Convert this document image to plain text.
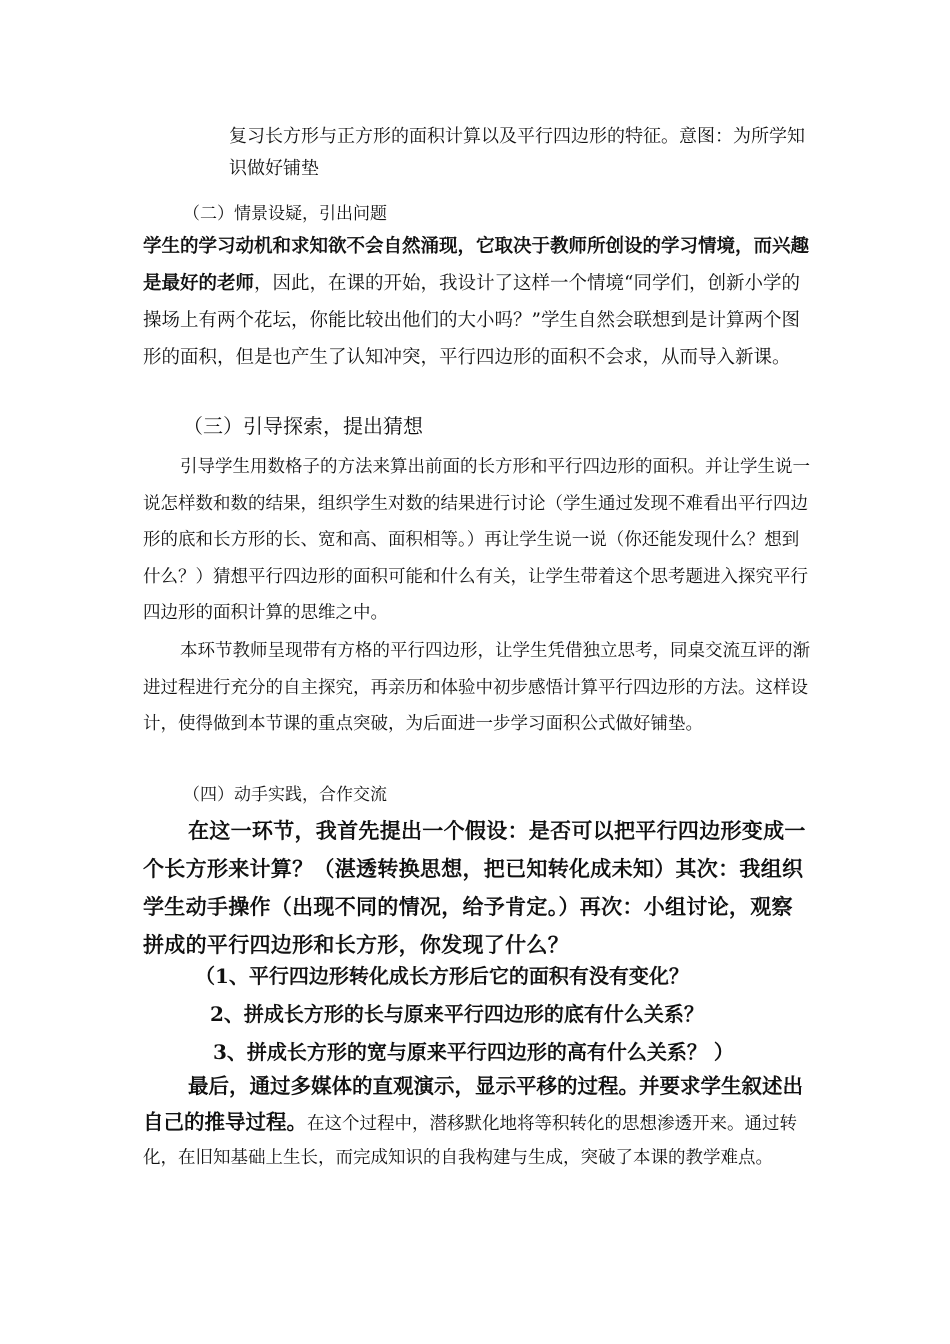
复习长方形与正方形的面积计算以及平行四边形的特征。意图：为所学知识做好铺垫

（二）情景设疑，引出问题

学生的学习动机和求知欲不会自然涌现，它取决于教师所创设的学习情境，而兴趣是最好的老师，因此，在课的开始，我设计了这样一个情境“同学们，创新小学的操场上有两个花坛，你能比较出他们的大小吗？”学生自然会联想到是计算两个图形的面积，但是也产生了认知冲突，平行四边形的面积不会求，从而导入新课。

（三）引导探索，提出猜想

引导学生用数格子的方法来算出前面的长方形和平行四边形的面积。并让学生说一说怎样数和数的结果，组织学生对数的结果进行讨论（学生通过发现不难看出平行四边形的底和长方形的长、宽和高、面积相等。）再让学生说一说（你还能发现什么？想到什么？）猜想平行四边形的面积可能和什么有关，让学生带着这个思考题进入探究平行四边形的面积计算的思维之中。

本环节教师呈现带有方格的平行四边形，让学生凭借独立思考，同桌交流互评的渐进过程进行充分的自主探究，再亲历和体验中初步感悟计算平行四边形的方法。这样设计，使得做到本节课的重点突破，为后面进一步学习面积公式做好铺垫。

（四）动手实践，合作交流

在这一环节，我首先提出一个假设：是否可以把平行四边形变成一个长方形来计算？（湛透转换思想，把已知转化成未知）其次：我组织学生动手操作（出现不同的情况，给予肯定。）再次：小组讨论，观察拼成的平行四边形和长方形，你发现了什么？

（1、平行四边形转化成长方形后它的面积有没有变化？

2、拼成长方形的长与原来平行四边形的底有什么关系？

3、拼成长方形的宽与原来平行四边形的高有什么关系？ ）

最后，通过多媒体的直观演示，显示平移的过程。并要求学生叙述出自己的推导过程。在这个过程中，潜移默化地将等积转化的思想渗透开来。通过转化，在旧知基础上生长，而完成知识的自我构建与生成，突破了本课的教学难点。
